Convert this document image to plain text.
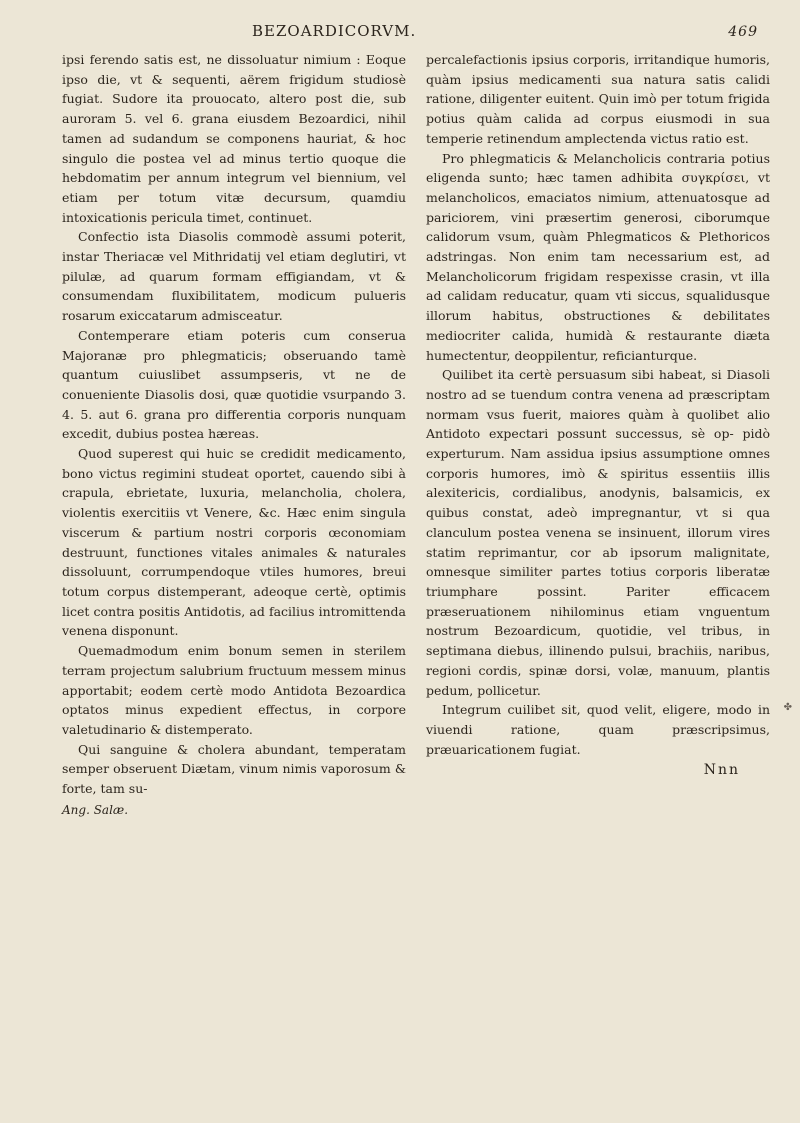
BEZOARDICORVM.	469

ipsi ferendo satis est, ne dissoluatur nimium : Eoque ipso die, vt & sequenti, aërem frigidum studiosè fugiat. Sudore ita prouocato, altero post die, sub auroram 5. vel 6. grana eiusdem Bezoardici, nihil tamen ad sudandum se componens hauriat, & hoc singulo die postea vel ad minus tertio quoque die hebdomatim per annum integrum vel biennium, vel etiam per totum vitæ decursum, quamdiu intoxicationis pericula timet, continuet.

Confectio ista Diasolis commodè assumi poterit, instar Theriacæ vel Mithridatij vel etiam deglutiri, vt pilulæ, ad quarum formam effigiandam, vt & consumendam fluxibilitatem, modicum pulueris rosarum exiccatarum admisceatur.

Contemperare etiam poteris cum conserua Majoranæ pro phlegmaticis; obseruando tamè quantum cuiuslibet assumpseris, vt ne de conueniente Diasolis dosi, quæ quotidie vsurpando 3. 4. 5. aut 6. grana pro differentia corporis nunquam excedit, dubius postea hæreas.

Quod superest qui huic se credidit medicamento, bono victus regimini studeat oportet, cauendo sibi à crapula, ebrietate, luxuria, melancholia, cholera, violentis exercitiis vt Venere, &c. Hæc enim singula viscerum & partium nostri corporis œconomiam destruunt, functiones vitales animales & naturales dissoluunt, corrumpendoque vtiles humores, breui totum corpus distemperant, adeoque certè, optimis licet contra positis Antidotis, ad facilius intromittenda venena disponunt.

Quemadmodum enim bonum semen in sterilem terram projectum salubrium fructuum messem minus apportabit; eodem certè modo Antidota Bezoardica optatos minus expedient effectus, in corpore valetudinario & distemperato.

Qui sanguine & cholera abundant, temperatam semper obseruent Diætam, vinum nimis vaporosum & forte, tam su-

Ang. Salæ.

percalefactionis ipsius corporis, irritandique humoris, quàm ipsius medicamenti sua natura satis calidi ratione, diligenter euitent. Quin imò per totum frigida potius quàm calida ad corpus eiusmodi in sua temperie retinendum amplectenda victus ratio est.

Pro phlegmaticis & Melancholicis contraria potius eligenda sunto; hæc tamen adhibita συγκρίσει, vt melancholicos, emaciatos nimium, attenuatosque ad pariciorem, vini præsertim generosi, ciborumque calidorum vsum, quàm Phlegmaticos & Plethoricos adstringas. Non enim tam necessarium est, ad Melancholicorum frigidam respexisse crasin, vt illa ad calidam reducatur, quam vti siccus, squalidusque illorum habitus, obstructiones & debilitates mediocriter calida, humidà & restaurante diæta humectentur, deoppilentur, reficianturque.

Quilibet ita certè persuasum sibi habeat, si Diasoli nostro ad se tuendum contra venena ad præscriptam normam vsus fuerit, maiores quàm à quolibet alio Antidoto expectari possunt successus, sè op- pidò experturum. Nam assidua ipsius assumptione omnes corporis humores, imò & spiritus essentiis illis alexitericis, cordialibus, anodynis, balsamicis, ex quibus constat, adeò impregnantur, vt si qua clanculum postea venena se insinuent, illorum vires statim reprimantur, cor ab ipsorum malignitate, omnesque similiter partes totius corporis liberatæ triumphare possint. Pariter efficacem præseruationem nihilominus etiam vnguentum nostrum Bezoardicum, quotidie, vel tribus, in septimana diebus, illinendo pulsui, brachiis, naribus, regioni cordis, spinæ dorsi, volæ, manuum, plantis pedum, pollicetur.

Integrum cuilibet sit, quod velit, eligere, modo in viuendi ratione, quam præscripsimus, præuaricationem fugiat.

Nnn
✤
